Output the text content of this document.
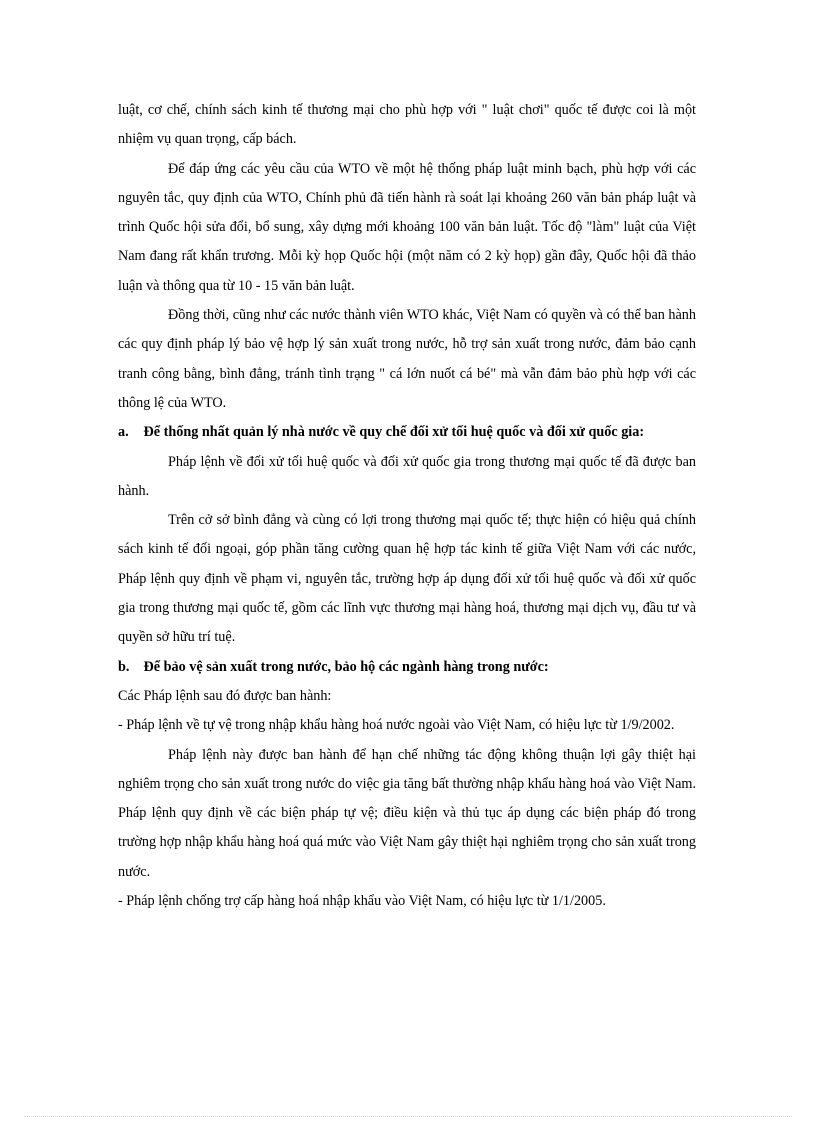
luật, cơ chế, chính sách kinh tế thương mại cho phù hợp với " luật chơi" quốc tế được coi là một nhiệm vụ quan trọng, cấp bách.

Để đáp ứng các yêu cầu của WTO về một hệ thống pháp luật minh bạch, phù hợp với các nguyên tắc, quy định của WTO, Chính phủ đã tiến hành rà soát lại khoảng 260 văn bản pháp luật và trình Quốc hội sửa đổi, bổ sung, xây dựng mới khoảng 100 văn bản luật. Tốc độ "làm" luật của Việt Nam đang rất khẩn trương. Mỗi kỳ họp Quốc hội (một năm có 2 kỳ họp) gần đây, Quốc hội đã thảo luận và thông qua từ 10 - 15 văn bản luật.

Đồng thời, cũng như các nước thành viên WTO khác, Việt Nam có quyền và có thể ban hành các quy định pháp lý bảo vệ hợp lý sản xuất trong nước, hỗ trợ sản xuất trong nước, đảm bảo cạnh tranh công bằng, bình đẳng, tránh tình trạng " cá lớn nuốt cá bé" mà vẫn đảm bảo phù hợp với các thông lệ của WTO.

a. Để thống nhất quản lý nhà nước về quy chế đối xử tối huệ quốc và đối xử quốc gia:

Pháp lệnh về đối xử tối huệ quốc và đối xử quốc gia trong thương mại quốc tế đã được ban hành.

Trên cở sở bình đẳng và cùng có lợi trong thương mại quốc tế; thực hiện có hiệu quả chính sách kinh tế đối ngoại, góp phần tăng cường quan hệ hợp tác kinh tế giữa Việt Nam với các nước, Pháp lệnh quy định về phạm vi, nguyên tắc, trường hợp áp dụng đối xử tối huệ quốc và đối xử quốc gia trong thương mại quốc tế, gồm các lĩnh vực thương mại hàng hoá, thương mại dịch vụ, đầu tư và quyền sở hữu trí tuệ.

b. Để bảo vệ sản xuất trong nước, bảo hộ các ngành hàng trong nước:

Các Pháp lệnh sau đó được ban hành:

- Pháp lệnh về tự vệ trong nhập khẩu hàng hoá nước ngoài vào Việt Nam, có hiệu lực từ 1/9/2002.

Pháp lệnh này được ban hành để hạn chế những tác động không thuận lợi gây thiệt hại nghiêm trọng cho sản xuất trong nước do việc gia tăng bất thường nhập khẩu hàng hoá vào Việt Nam. Pháp lệnh quy định về các biện pháp tự vệ; điều kiện và thủ tục áp dụng các biện pháp đó trong trường hợp nhập khẩu hàng hoá quá mức vào Việt Nam gây thiệt hại nghiêm trọng cho sản xuất trong nước.

- Pháp lệnh chống trợ cấp hàng hoá nhập khẩu vào Việt Nam, có hiệu lực từ 1/1/2005.
